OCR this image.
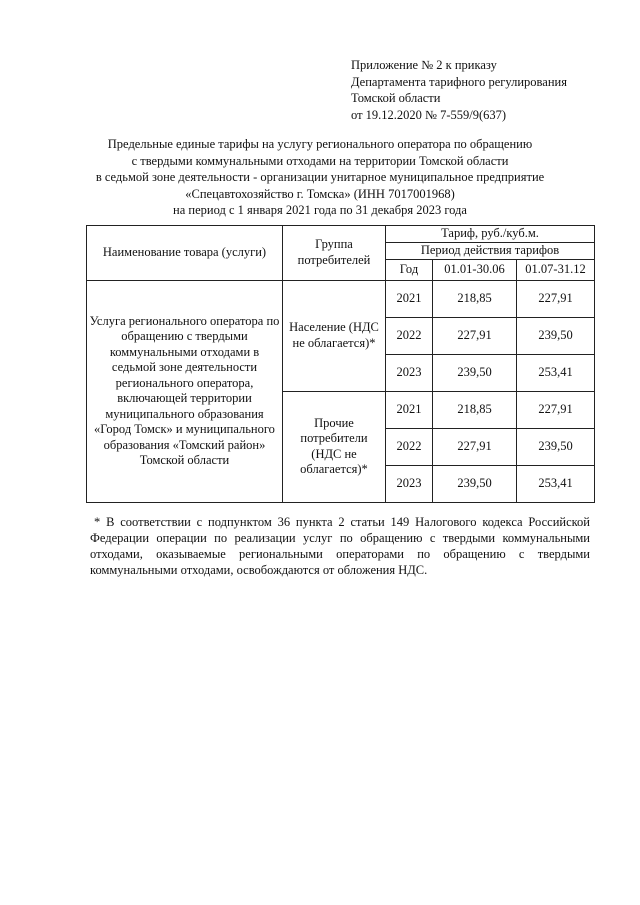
Приложение № 2 к приказу
Департамента тарифного регулирования
Томской области
от 19.12.2020 № 7-559/9(637)
Предельные единые тарифы на услугу регионального оператора по обращению
с твердыми коммунальными отходами на территории Томской области
в седьмой зоне деятельности - организации унитарное муниципальное предприятие
«Спецавтохозяйство г. Томска» (ИНН 7017001968)
на период с 1 января 2021 года по 31 декабря 2023 года
Наименование товара (услуги)	Группа потребителей	Тариф, руб./куб.м.		
		Период действия тарифов		
		Год	01.01-30.06	01.07-31.12
Услуга регионального оператора по обращению с твердыми коммунальными отходами в седьмой зоне деятельности регионального оператора, включающей территории муниципального образования «Город Томск» и муниципального образования «Томский район» Томской области	Население (НДС не облагается)*	2021	218,85	227,91
		2022	227,91	239,50
		2023	239,50	253,41
	Прочие потребители (НДС не облагается)*	2021	218,85	227,91
		2022	227,91	239,50
		2023	239,50	253,41
* В соответствии с подпунктом 36 пункта 2 статьи 149 Налогового кодекса Российской Федерации операции по реализации услуг по обращению с твердыми коммунальными отходами, оказываемые региональными операторами по обращению с твердыми коммунальными отходами, освобождаются от обложения НДС.
